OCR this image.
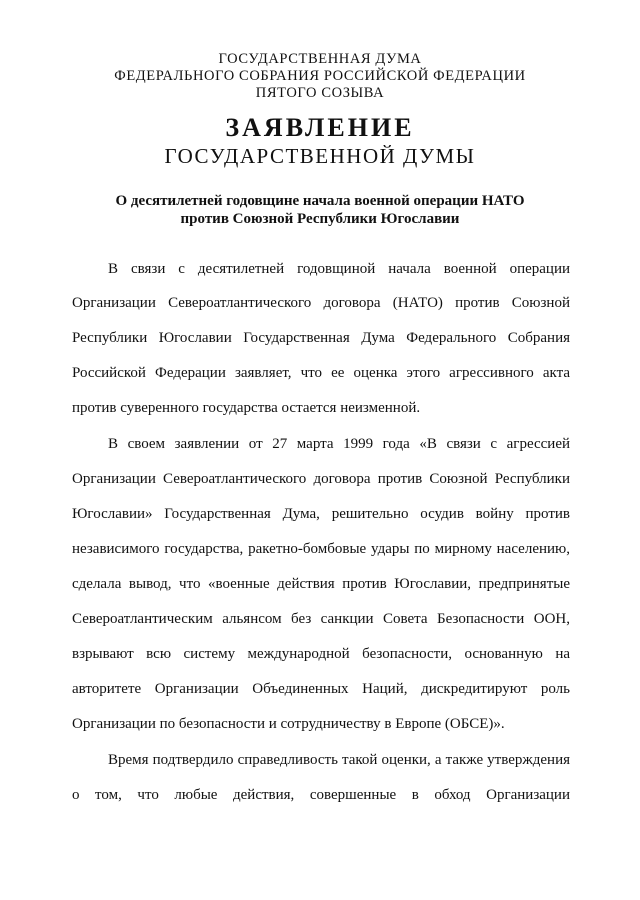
ГОСУДАРСТВЕННАЯ ДУМА
ФЕДЕРАЛЬНОГО СОБРАНИЯ РОССИЙСКОЙ ФЕДЕРАЦИИ
ПЯТОГО СОЗЫВА
ЗАЯВЛЕНИЕ
ГОСУДАРСТВЕННОЙ ДУМЫ
О десятилетней годовщине начала военной операции НАТО
против Союзной Республики Югославии
В связи с десятилетней годовщиной начала военной операции
Организации Североатлантического договора (НАТО) против Союзной
Республики Югославии Государственная Дума Федерального Собрания
Российской Федерации заявляет, что ее оценка этого агрессивного акта
против суверенного государства остается неизменной.
В своем заявлении от 27 марта 1999 года «В связи с агрессией
Организации Североатлантического договора против Союзной Республики
Югославии» Государственная Дума, решительно осудив войну против
независимого государства, ракетно-бомбовые удары по мирному населению,
сделала вывод, что «военные действия против Югославии, предпринятые
Североатлантическим альянсом без санкции Совета Безопасности ООН,
взрывают всю систему международной безопасности, основанную на
авторитете Организации Объединенных Наций, дискредитируют роль
Организации по безопасности и сотрудничеству в Европе (ОБСЕ)».
Время подтвердило справедливость такой оценки, а также утверждения
о том, что любые действия, совершенные в обход Организации
